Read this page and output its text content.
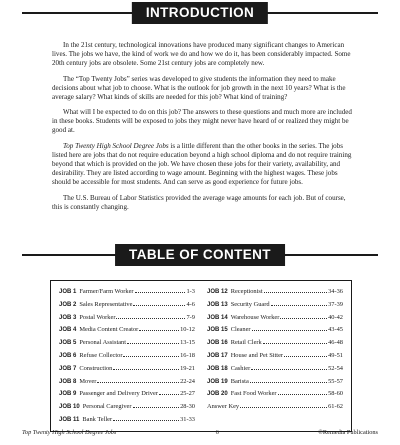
INTRODUCTION

In the 21st century, technological innovations have produced many significant changes to American lives. The jobs we have, the kind of work we do and how we do it, has been considerably impacted. Some 20th century jobs are obsolete. Some 21st century jobs are completely new.

The “Top Twenty Jobs” series was developed to give students the information they need to make decisions about what job to choose. What is the outlook for job growth in the next 10 years? What is the average salary? What kinds of skills are needed for this job? What kind of training?

What will I be expected to do on this job? The answers to these questions and much more are included in these books. Students will be exposed to jobs they might never have heard of or realized they might be good at.

Top Twenty High School Degree Jobs is a little different than the other books in the series. The jobs listed here are jobs that do not require education beyond a high school diploma and do not require training beyond that which is provided on the job. We have chosen these jobs for their variety, availability, and desirability. They are listed according to wage amount. Beginning with the highest wages. These jobs should be accessible for most students. And can serve as good experience for future jobs.

The U.S. Bureau of Labor Statistics provided the average wage amounts for each job. But of course, this is constantly changing.

TABLE OF CONTENT
JOB 1 Farmer/Farm Worker	1-3
JOB 2 Sales Representative	4-6
JOB 3 Postal Worker	7-9
JOB 4 Media Content Creator	10-12
JOB 5 Personal Assistant	13-15
JOB 6 Refuse Collector	16-18
JOB 7 Construction	19-21
JOB 8 Mover	22-24
JOB 9 Passenger and Delivery Driver	25-27
JOB 10 Personal Caregiver	28-30
JOB 11 Bank Teller	31-33
JOB 12 Receptionist	34-36
JOB 13 Security Guard	37-39
JOB 14 Warehouse Worker	40-42
JOB 15 Cleaner	43-45
JOB 16 Retail Clerk	46-48
JOB 17 House and Pet Sitter	49-51
JOB 18 Cashier	52-54
JOB 19 Barista	55-57
JOB 20 Fast Food Worker	58-60
Answer Key	61-62
Top Twenty High School Degree Jobs	6	©Remedia Publications
